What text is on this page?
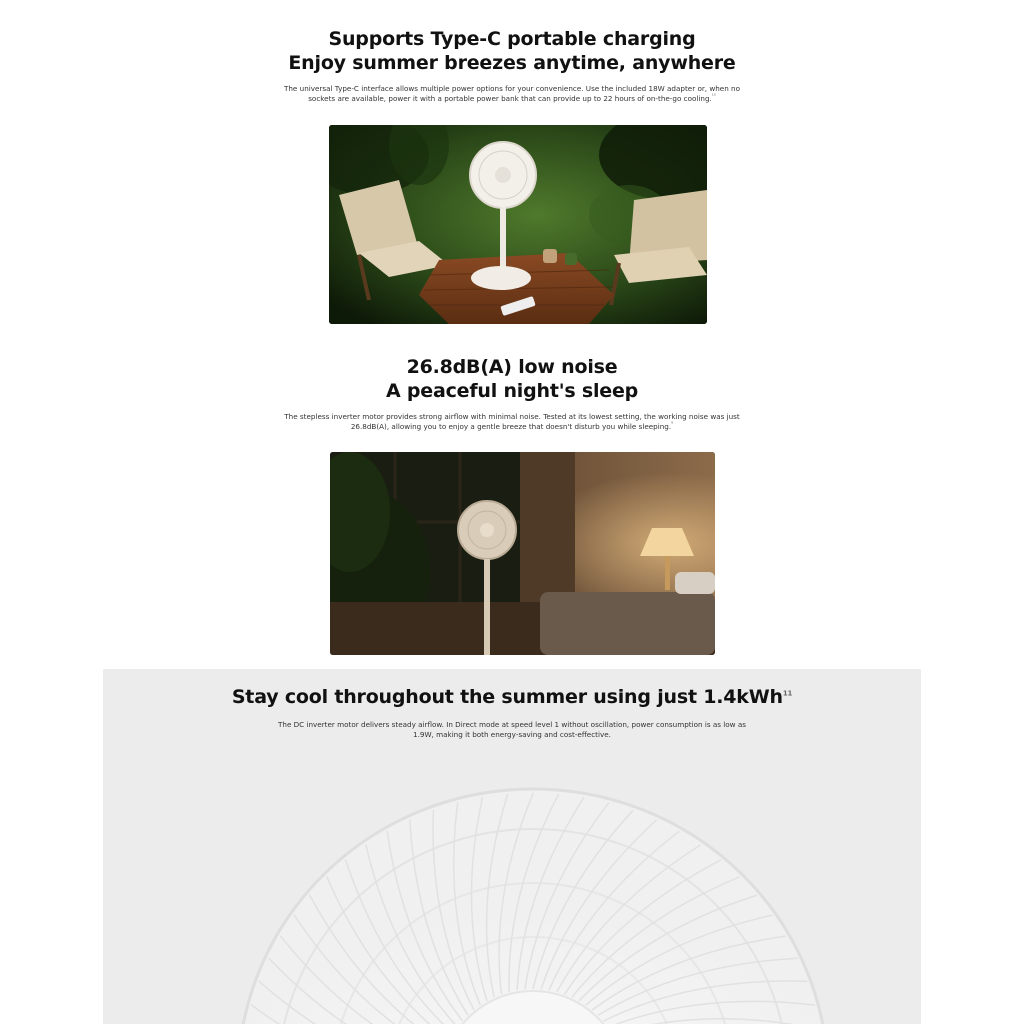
Supports Type-C portable charging
Enjoy summer breezes anytime, anywhere
The universal Type-C interface allows multiple power options for your convenience. Use the included 18W adapter or, when no sockets are available, power it with a portable power bank that can provide up to 22 hours of on-the-go cooling.$^{^{10}}$
26.8dB(A) low noise
A peaceful night's sleep
The stepless inverter motor provides strong airflow with minimal noise. Tested at its lowest setting, the working noise was just 26.8dB(A), allowing you to enjoy a gentle breeze that doesn't disturb you while sleeping.$^{^9}$
Stay cool throughout the summer using just 1.4kWh$^{11}$
The DC inverter motor delivers steady airflow. In Direct mode at speed level 1 without oscillation, power consumption is as low as 1.9W, making it both energy-saving and cost-effective.
